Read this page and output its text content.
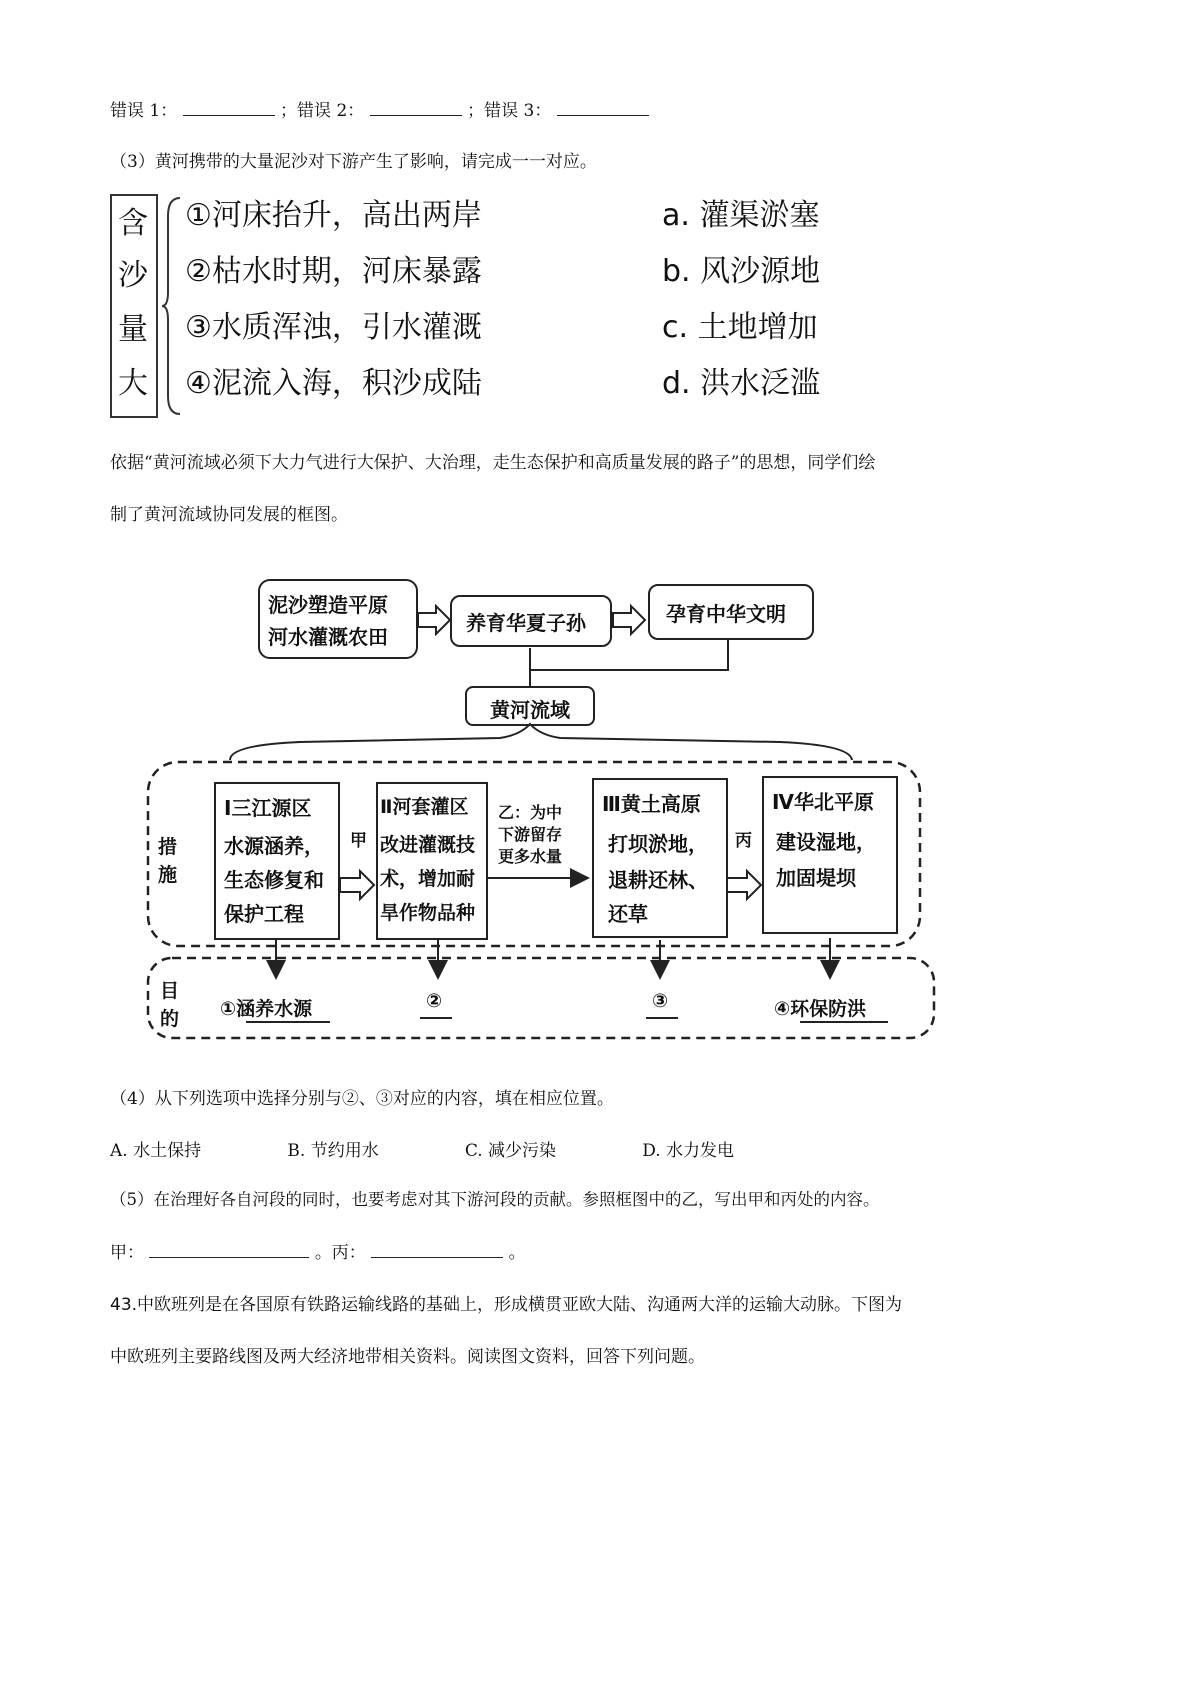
错误 1：	；错误 2：	；错误 3：
（3）黄河携带的大量泥沙对下游产生了影响，请完成一一对应。
含
沙
量
大
①河床抬升，高出两岸
②枯水时期，河床暴露
③水质浑浊，引水灌溉
④泥流入海，积沙成陆
a. 灌渠淤塞
b. 风沙源地
c. 土地增加
d. 洪水泛滥
依据“黄河流域必须下大力气进行大保护、大治理，走生态保护和高质量发展的路子”的思想，同学们绘
制了黄河流域协同发展的框图。
泥沙塑造平原
河水灌溉农田
养育华夏子孙	孕育中华文明
黄河流域
措
施
目
的
Ⅰ三江源区
水源涵养，
生态修复和
保护工程
甲
Ⅱ河套灌区
改进灌溉技
术，增加耐
旱作物品种
乙：为中
下游留存
更多水量
Ⅲ黄土高原
打坝淤地，
退耕还林、
还草
丙
Ⅳ华北平原
建设湿地，
加固堤坝
①涵养水源	②	③	④环保防洪
（4）从下列选项中选择分别与②、③对应的内容，填在相应位置。
A. 水土保持	B. 节约用水	C. 减少污染	D. 水力发电
（5）在治理好各自河段的同时，也要考虑对其下游河段的贡献。参照框图中的乙，写出甲和丙处的内容。
甲：	。丙：	。
43.中欧班列是在各国原有铁路运输线路的基础上，形成横贯亚欧大陆、沟通两大洋的运输大动脉。下图为
中欧班列主要路线图及两大经济地带相关资料。阅读图文资料，回答下列问题。
